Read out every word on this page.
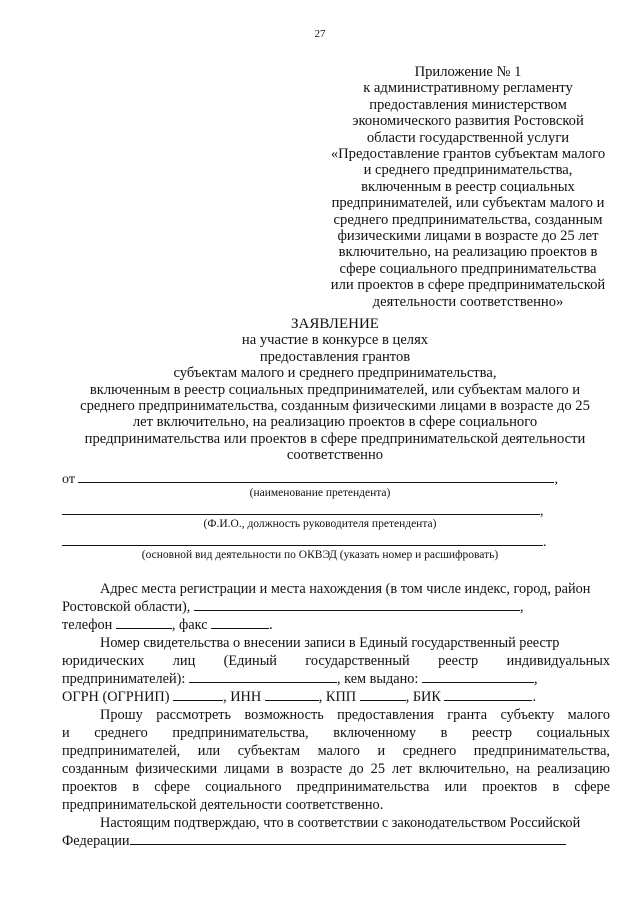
27
Приложение № 1
к административному регламенту
предоставления министерством
экономического развития Ростовской
области государственной услуги
«Предоставление грантов субъектам малого
и среднего предпринимательства,
включенным в реестр социальных
предпринимателей, или субъектам малого и
среднего предпринимательства, созданным
физическими лицами в возрасте до 25 лет
включительно, на реализацию проектов в
сфере социального предпринимательства
или проектов в сфере предпринимательской
деятельности соответственно»
ЗАЯВЛЕНИЕ
на участие в конкурсе в целях
предоставления грантов
субъектам малого и среднего предпринимательства,
включенным в реестр социальных предпринимателей, или субъектам малого и
среднего предпринимательства, созданным физическими лицами в возрасте до 25
лет включительно, на реализацию проектов в сфере социального
предпринимательства или проектов в сфере предпринимательской деятельности
соответственно
от	,
(наименование претендента)
,
(Ф.И.О., должность руководителя претендента)
.
(основной вид деятельности по ОКВЭД (указать номер и расшифровать)

Адрес места регистрации и места нахождения (в том числе индекс, город, район

Ростовской области),	,

телефон	, факс	.

Номер свидетельства о внесении записи в Единый государственный реестр

юридических лиц (Единый государственный реестр индивидуальных

предпринимателей):	, кем выдано:	,

ОГРН (ОГРНИП)	, ИНН	, КПП	, БИК	.

Прошу рассмотреть возможность предоставления гранта субъекту малого

и среднего предпринимательства, включенному в реестр социальных

предпринимателей, или субъектам малого и среднего предпринимательства,

созданным физическими лицами в возрасте до 25 лет включительно, на реализацию

проектов в сфере социального предпринимательства или проектов в сфере

предпринимательской деятельности соответственно.

Настоящим подтверждаю, что в соответствии с законодательством Российской

Федерации
